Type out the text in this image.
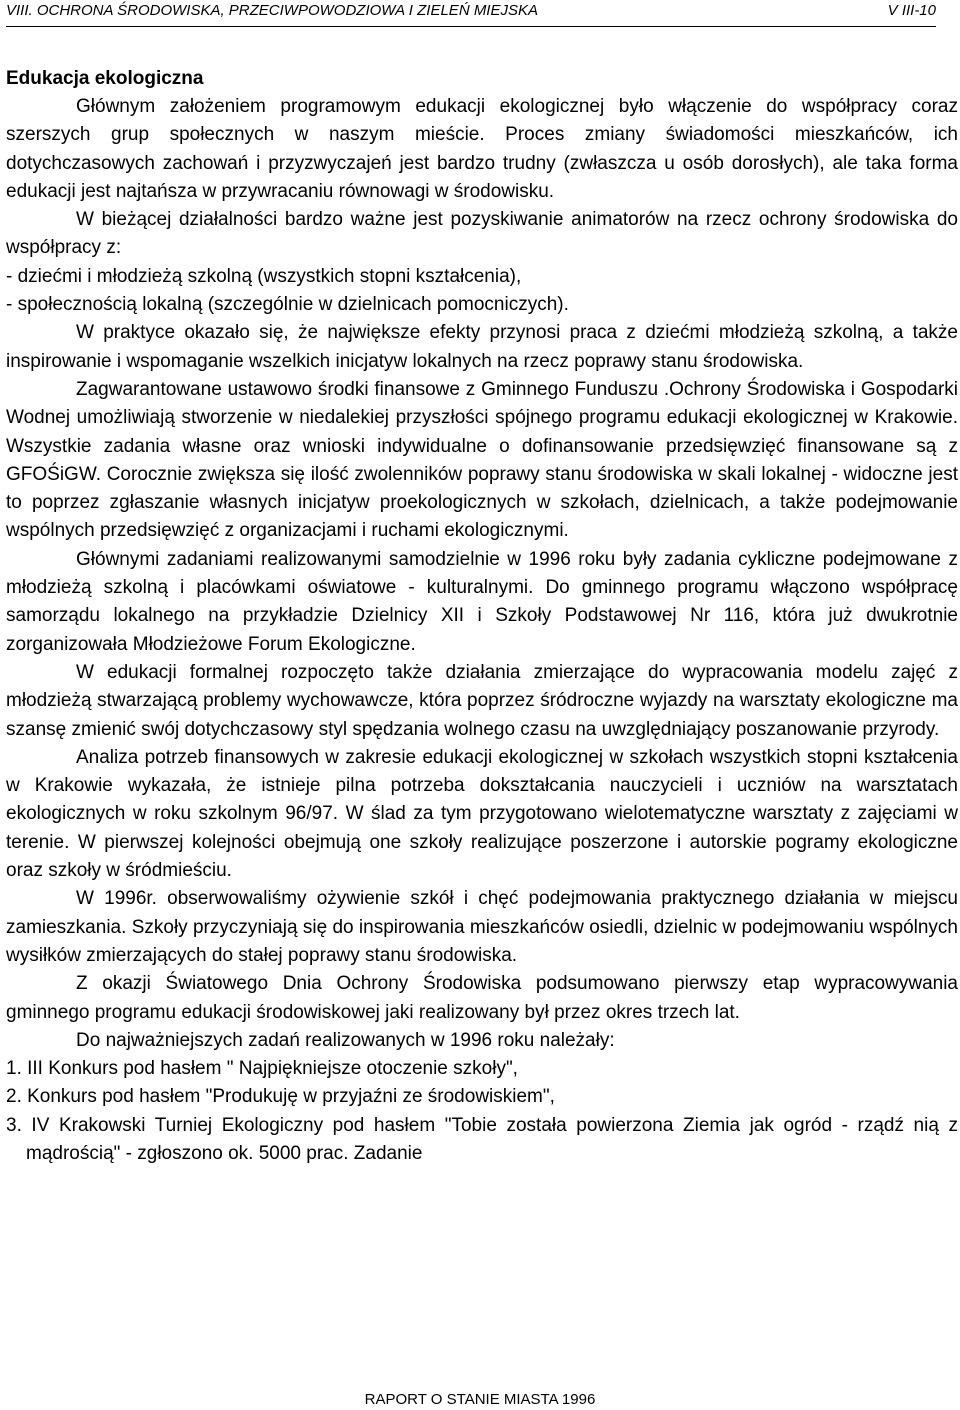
VIII. OCHRONA ŚRODOWISKA, PRZECIWPOWODZIOWA I ZIELEŃ MIEJSKA	V III-10
Edukacja ekologiczna

Głównym założeniem programowym edukacji ekologicznej było włączenie do współpracy coraz szerszych grup społecznych w naszym mieście. Proces zmiany świadomości mieszkańców, ich dotychczasowych zachowań i przyzwyczajeń jest bardzo trudny (zwłaszcza u osób dorosłych), ale taka forma edukacji jest najtańsza w przywracaniu równowagi w środowisku.

W bieżącej działalności bardzo ważne jest pozyskiwanie animatorów na rzecz ochrony środowiska do współpracy z:

- dziećmi i młodzieżą szkolną (wszystkich stopni kształcenia),

- społecznością lokalną (szczególnie w dzielnicach pomocniczych).

W praktyce okazało się, że największe efekty przynosi praca z dziećmi młodzieżą szkolną, a także inspirowanie i wspomaganie wszelkich inicjatyw lokalnych na rzecz poprawy stanu środowiska.

Zagwarantowane ustawowo środki finansowe z Gminnego Funduszu .Ochrony Środowiska i Gospodarki Wodnej umożliwiają stworzenie w niedalekiej przyszłości spójnego programu edukacji ekologicznej w Krakowie. Wszystkie zadania własne oraz wnioski indywidualne o dofinansowanie przedsięwzięć finansowane są z GFOŚiGW. Corocznie zwiększa się ilość zwolenników poprawy stanu środowiska w skali lokalnej - widoczne jest to poprzez zgłaszanie własnych inicjatyw proekologicznych w szkołach, dzielnicach, a także podejmowanie wspólnych przedsięwzięć z organizacjami i ruchami ekologicznymi.

Głównymi zadaniami realizowanymi samodzielnie w 1996 roku były zadania cykliczne podejmowane z młodzieżą szkolną i placówkami oświatowe - kulturalnymi. Do gminnego programu włączono współpracę samorządu lokalnego na przykładzie Dzielnicy XII i Szkoły Podstawowej Nr 116, która już dwukrotnie zorganizowała Młodzieżowe Forum Ekologiczne.

W edukacji formalnej rozpoczęto także działania zmierzające do wypracowania modelu zajęć z młodzieżą stwarzającą problemy wychowawcze, która poprzez śródroczne wyjazdy na warsztaty ekologiczne ma szansę zmienić swój dotychczasowy styl spędzania wolnego czasu na uwzględniający poszanowanie przyrody.

Analiza potrzeb finansowych w zakresie edukacji ekologicznej w szkołach wszystkich stopni kształcenia w Krakowie wykazała, że istnieje pilna potrzeba dokształcania nauczycieli i uczniów na warsztatach ekologicznych w roku szkolnym 96/97. W ślad za tym przygotowano wielotematyczne warsztaty z zajęciami w terenie. W pierwszej kolejności obejmują one szkoły realizujące poszerzone i autorskie pogramy ekologiczne oraz szkoły w śródmieściu.

W 1996r. obserwowaliśmy ożywienie szkół i chęć podejmowania praktycznego działania w miejscu zamieszkania. Szkoły przyczyniają się do inspirowania mieszkańców osiedli, dzielnic w podejmowaniu wspólnych wysiłków zmierzających do stałej poprawy stanu środowiska.

Z okazji Światowego Dnia Ochrony Środowiska podsumowano pierwszy etap wypracowywania gminnego programu edukacji środowiskowej jaki realizowany był przez okres trzech lat.

Do najważniejszych zadań realizowanych w 1996 roku należały:

1. III Konkurs pod hasłem " Najpiękniejsze otoczenie szkoły",
2. Konkurs pod hasłem "Produkuję w przyjaźni ze środowiskiem",
3. IV Krakowski Turniej Ekologiczny pod hasłem "Tobie została powierzona Ziemia jak ogród - rządź nią z mądrością" - zgłoszono ok. 5000 prac. Zadanie
RAPORT O STANIE MIASTA 1996
